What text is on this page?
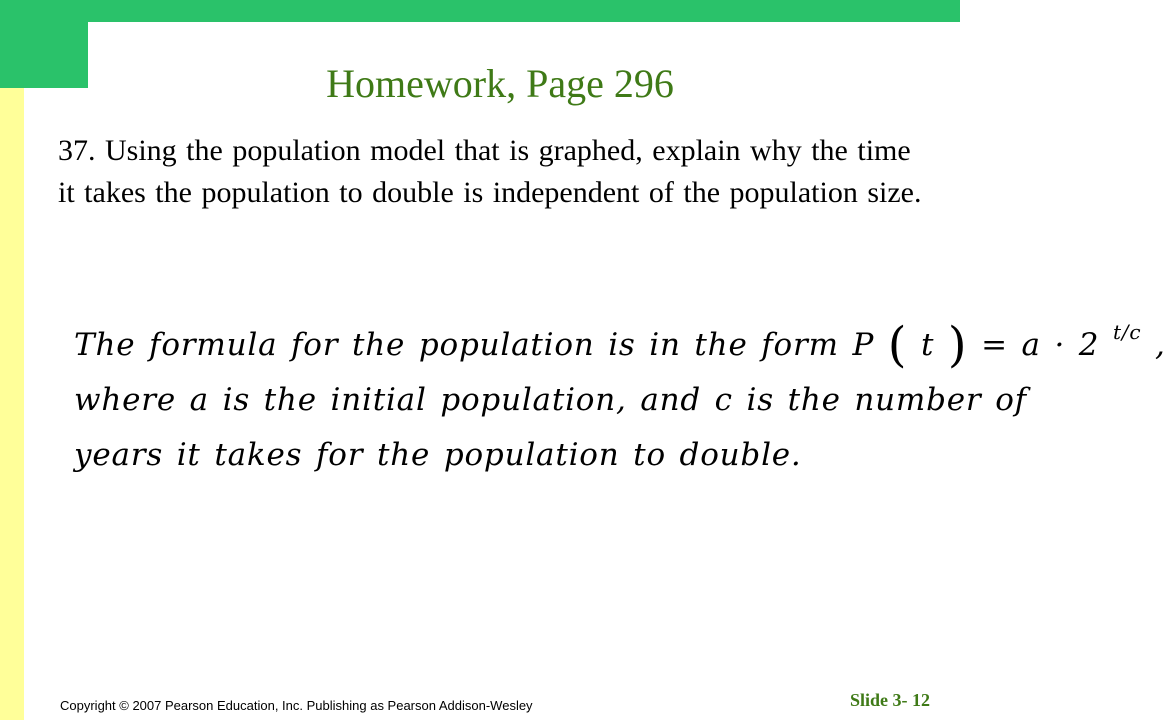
Homework, Page 296
37. Using the population model that is graphed, explain why the time it takes the population to double is independent of the population size.
The formula for the population is in the form P ( t ) = a · 2 $^{t/c}$ ,
where a is the initial population, and c is the number of
years it takes for the population to double.
Copyright © 2007 Pearson Education, Inc. Publishing as Pearson Addison-Wesley	Slide 3- 12
